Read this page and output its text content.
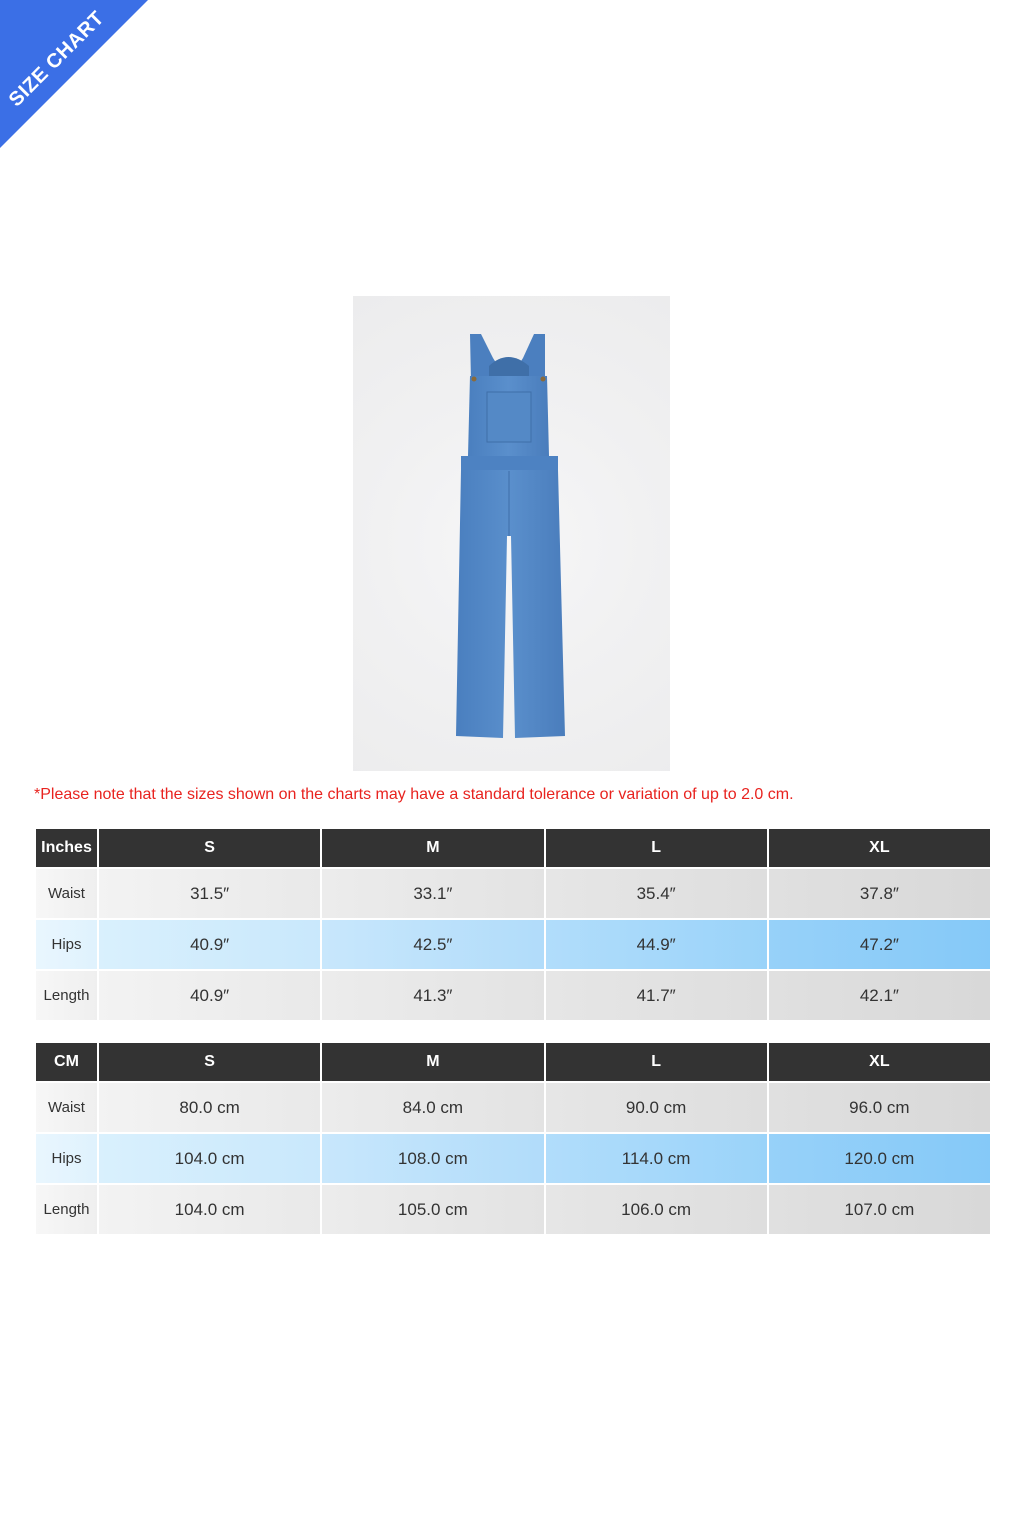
SIZE CHART
*Please note that the sizes shown on the charts may have a standard tolerance or variation of up to 2.0 cm.
Inches	S	M	L	XL
Waist	31.5″	33.1″	35.4″	37.8″
Hips	40.9″	42.5″	44.9″	47.2″
Length	40.9″	41.3″	41.7″	42.1″
CM	S	M	L	XL
Waist	80.0 cm	84.0 cm	90.0 cm	96.0 cm
Hips	104.0 cm	108.0 cm	114.0 cm	120.0 cm
Length	104.0 cm	105.0 cm	106.0 cm	107.0 cm
